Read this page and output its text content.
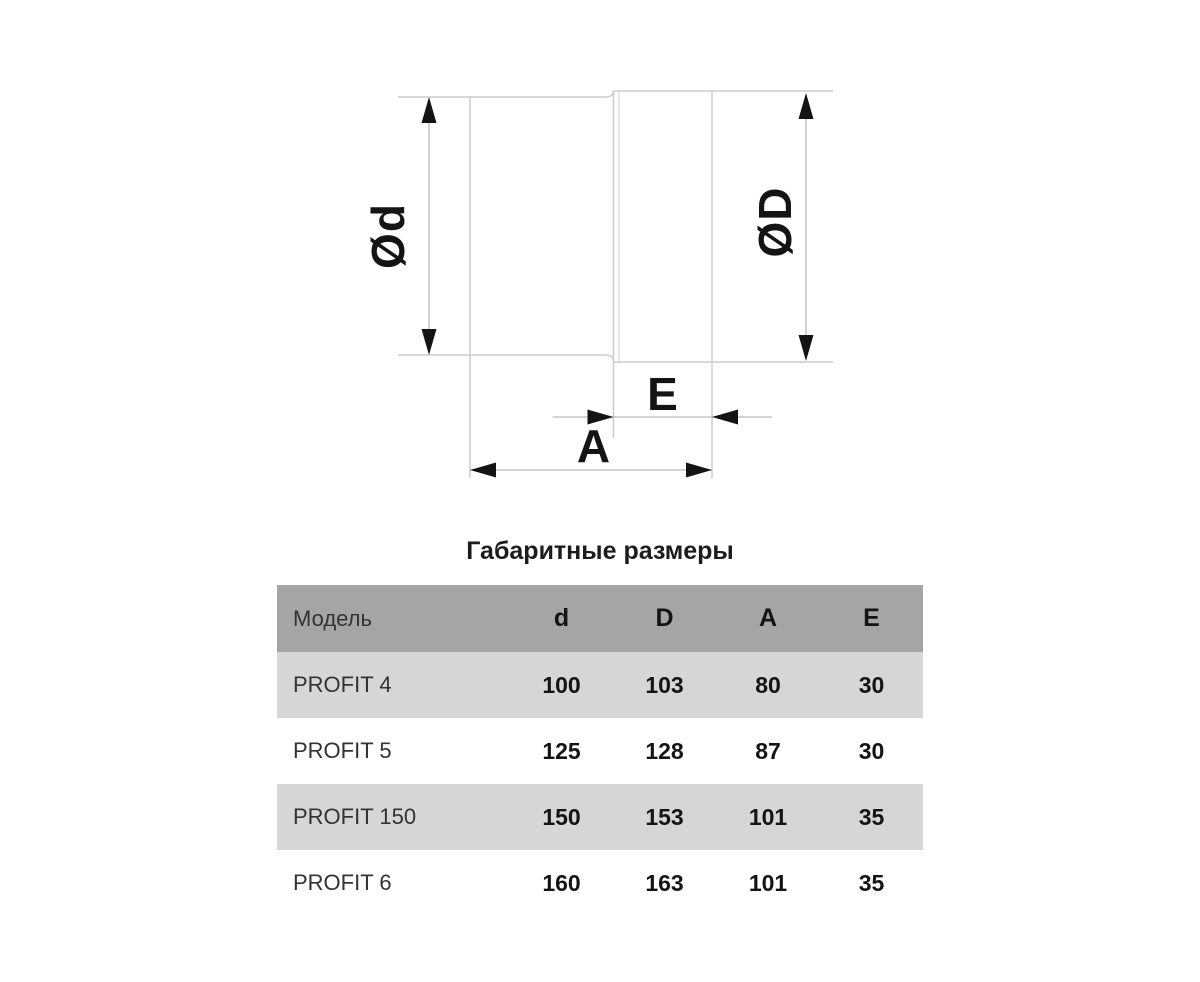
Ød	ØD
E
A
Габаритные размеры
Модель	d	D	A	E
PROFIT 4	100	103	80	30
PROFIT 5	125	128	87	30
PROFIT 150	150	153	101	35
PROFIT 6	160	163	101	35
